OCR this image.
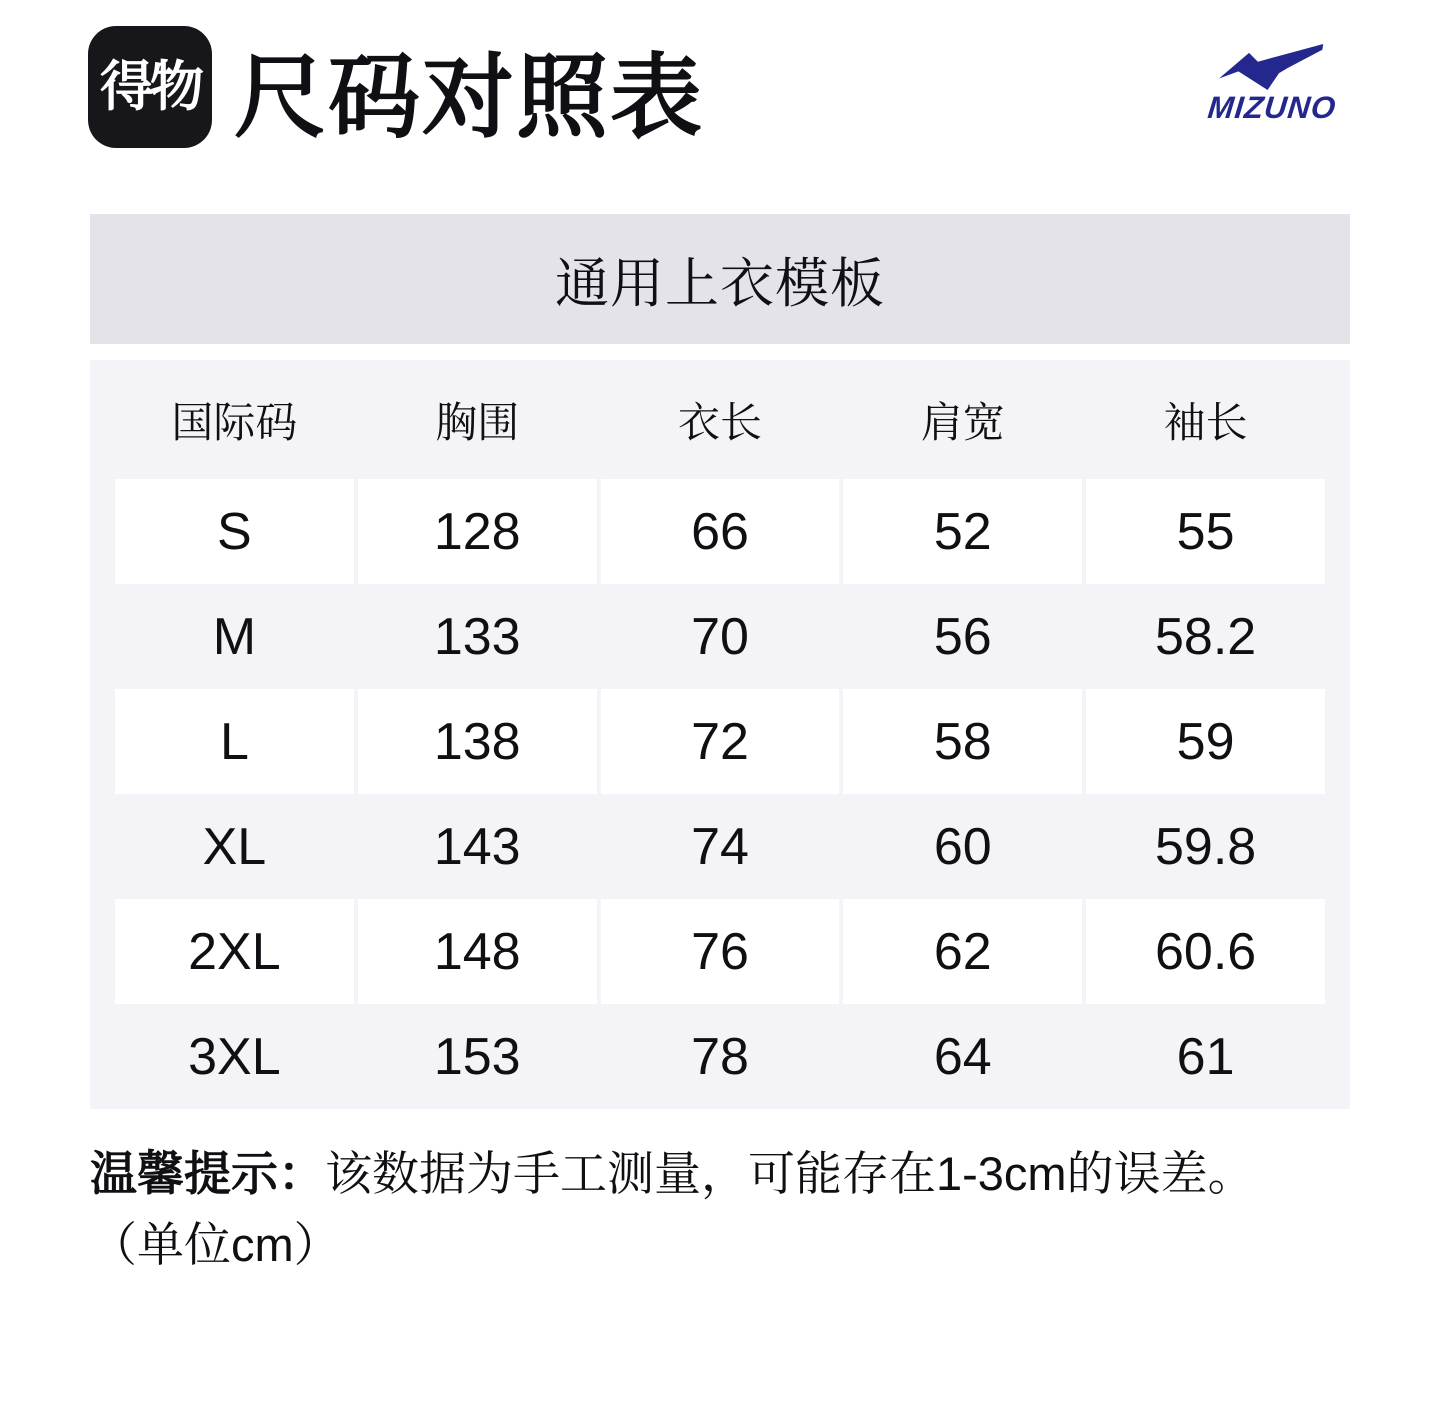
得物 尺码对照表	MIZUNO
通用上衣模板
国际码	胸围	衣长	肩宽	袖长
S	128	66	52	55
M	133	70	56	58.2
L	138	72	58	59
XL	143	74	60	59.8
2XL	148	76	62	60.6
3XL	153	78	64	61

温馨提示：该数据为手工测量，可能存在1-3cm的误差。

（单位cm）
